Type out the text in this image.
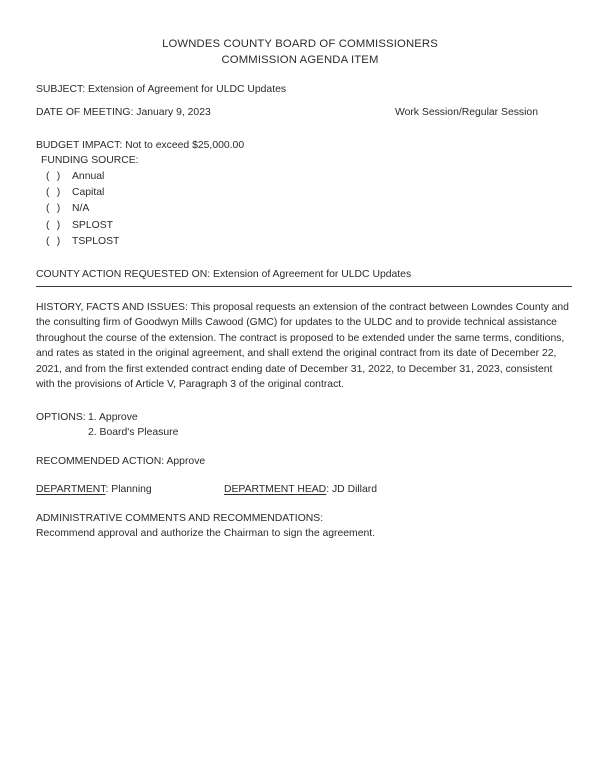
LOWNDES COUNTY BOARD OF COMMISSIONERS
COMMISSION AGENDA ITEM
SUBJECT: Extension of Agreement for ULDC Updates
DATE OF MEETING: January 9, 2023	Work Session/Regular Session
BUDGET IMPACT: Not to exceed $25,000.00
FUNDING SOURCE:
(  )	Annual
(  )	Capital
(  )	N/A
(  )	SPLOST
(  )	TSPLOST
COUNTY ACTION REQUESTED ON: Extension of Agreement for ULDC Updates
HISTORY, FACTS AND ISSUES: This proposal requests an extension of the contract between Lowndes County and the consulting firm of Goodwyn Mills Cawood (GMC) for updates to the ULDC and to provide technical assistance throughout the course of the extension. The contract is proposed to be extended under the same terms, conditions, and rates as stated in the original agreement, and shall extend the original contract from its date of December 22, 2021, and from the first extended contract ending date of December 31, 2022, to December 31, 2023, consistent with the provisions of Article V, Paragraph 3 of the original contract.
OPTIONS: 1. Approve
2. Board's Pleasure
RECOMMENDED ACTION: Approve
DEPARTMENT: Planning	DEPARTMENT HEAD: JD Dillard
ADMINISTRATIVE COMMENTS AND RECOMMENDATIONS:
Recommend approval and authorize the Chairman to sign the agreement.
